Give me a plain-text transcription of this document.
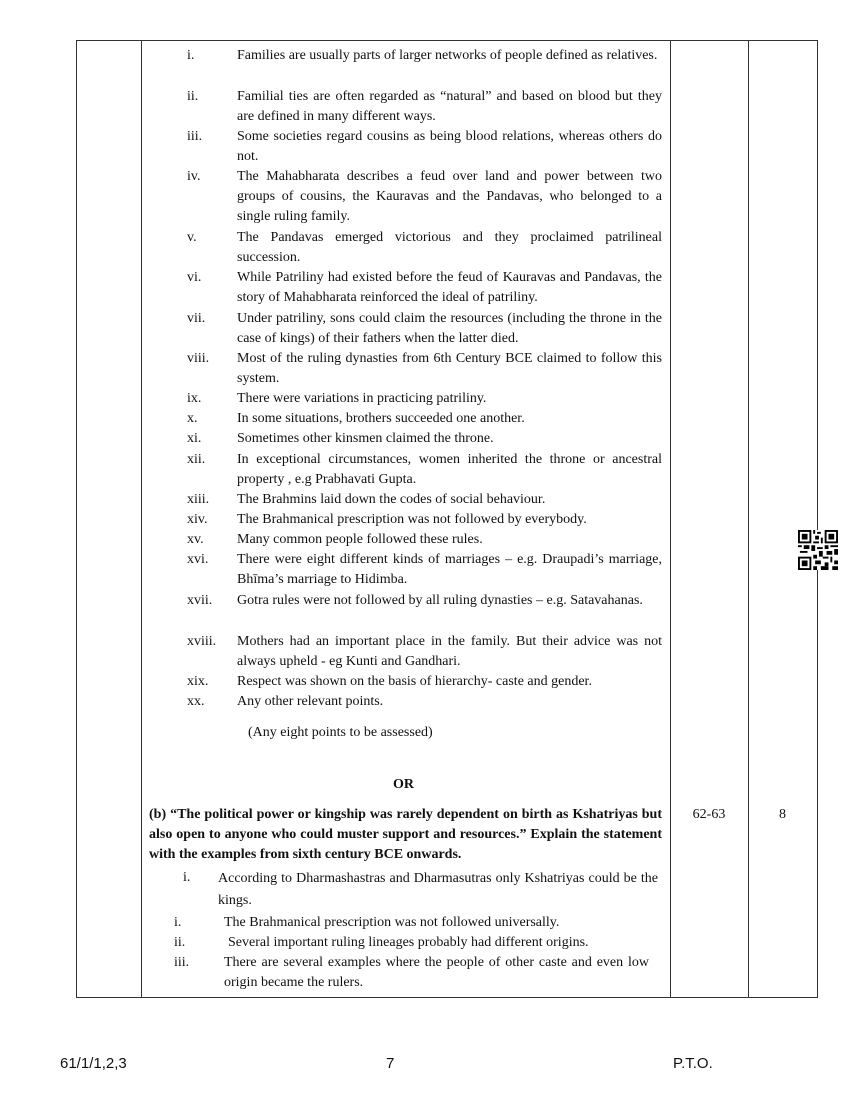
i.	Families are usually parts of larger networks of people defined as relatives.
ii.	Familial ties are often regarded as “natural” and based on blood but they are defined in many different ways.
iii. Some societies regard cousins as being blood relations, whereas others do not.
iv.	The Mahabharata describes a feud over land and power between two groups of cousins, the Kauravas and the Pandavas, who belonged to a single ruling family.
v.	The Pandavas emerged victorious and they proclaimed patrilineal succession.
vi.	While Patriliny had existed before the feud of Kauravas and Pandavas, the story of Mahabharata reinforced the ideal of patriliny.
vii. Under patriliny, sons could claim the resources (including the throne in the case of kings) of their fathers when the latter died.
viii. Most of the ruling dynasties from 6th Century BCE claimed to follow this system.
ix.	There were variations in practicing patriliny.
x.	In some situations, brothers succeeded one another.
xi.	Sometimes other kinsmen claimed the throne.
xii. In exceptional circumstances, women inherited the throne or ancestral property , e.g Prabhavati Gupta.
xiii. The Brahmins laid down the codes of social behaviour.
xiv. The Brahmanical prescription was not followed by everybody.
xv. Many common people followed these rules.
xvi. There were eight different kinds of marriages – e.g. Draupadi’s marriage, Bhīma’s marriage to Hidimba.
xvii. Gotra rules were not followed by all ruling dynasties – e.g. Satavahanas.
xviii. Mothers had an important place in the family. But their advice was not always upheld - eg Kunti and Gandhari.
xix. Respect was shown on the basis of hierarchy- caste and gender.
xx. Any other relevant points.
(Any eight points to be assessed)
OR
(b) “The political power or kingship was rarely dependent on birth as Kshatriyas but also open to anyone who could muster support and resources.” Explain the statement with the examples from sixth century BCE onwards.
62-63	8
i. According to Dharmashastras and Dharmasutras only Kshatriyas could be the kings.
i.	The Brahmanical prescription was not followed universally.
ii.	Several important ruling lineages probably had different origins.
iii. There are several examples where the people of other caste and even low origin became the rulers.
61/1/1,2,3	7	P.T.O.
